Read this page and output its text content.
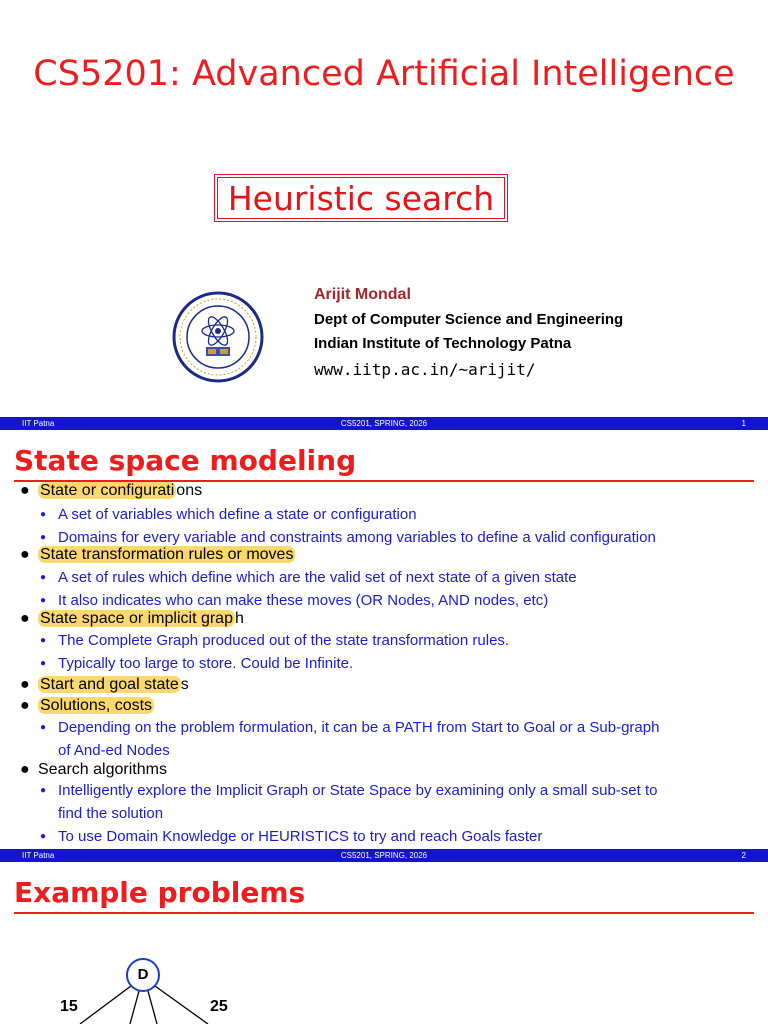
CS5201: Advanced Artificial Intelligence
Heuristic search
Arijit Mondal
Dept of Computer Science and Engineering
Indian Institute of Technology Patna
www.iitp.ac.in/~arijit/
CS5201, SPRING, 2026
IIT Patna	1
State space modeling
● State or configurati ons
● A set of variables which define a state or configuration
● Domains for every variable and constraints among variables to define a valid configuration
● State transformation rules or moves
● A set of rules which define which are the valid set of next state of a given state
● It also indicates who can make these moves (OR Nodes, AND nodes, etc)
● State space or implicit grap h
● The Complete Graph produced out of the state transformation rules.
● Typically too large to store. Could be Infinite.
● Start and goal state s
● Solutions, costs
● Depending on the problem formulation, it can be a PATH from Start to Goal or a Sub-graph
of And-ed Nodes
● Search algorithms
● Intelligently explore the Implicit Graph or State Space by examining only a small sub-set to
find the solution
● To use Domain Knowledge or HEURISTICS to try and reach Goals faster
CS5201, SPRING, 2026
IIT Patna	2
Example problems
D
15	25
